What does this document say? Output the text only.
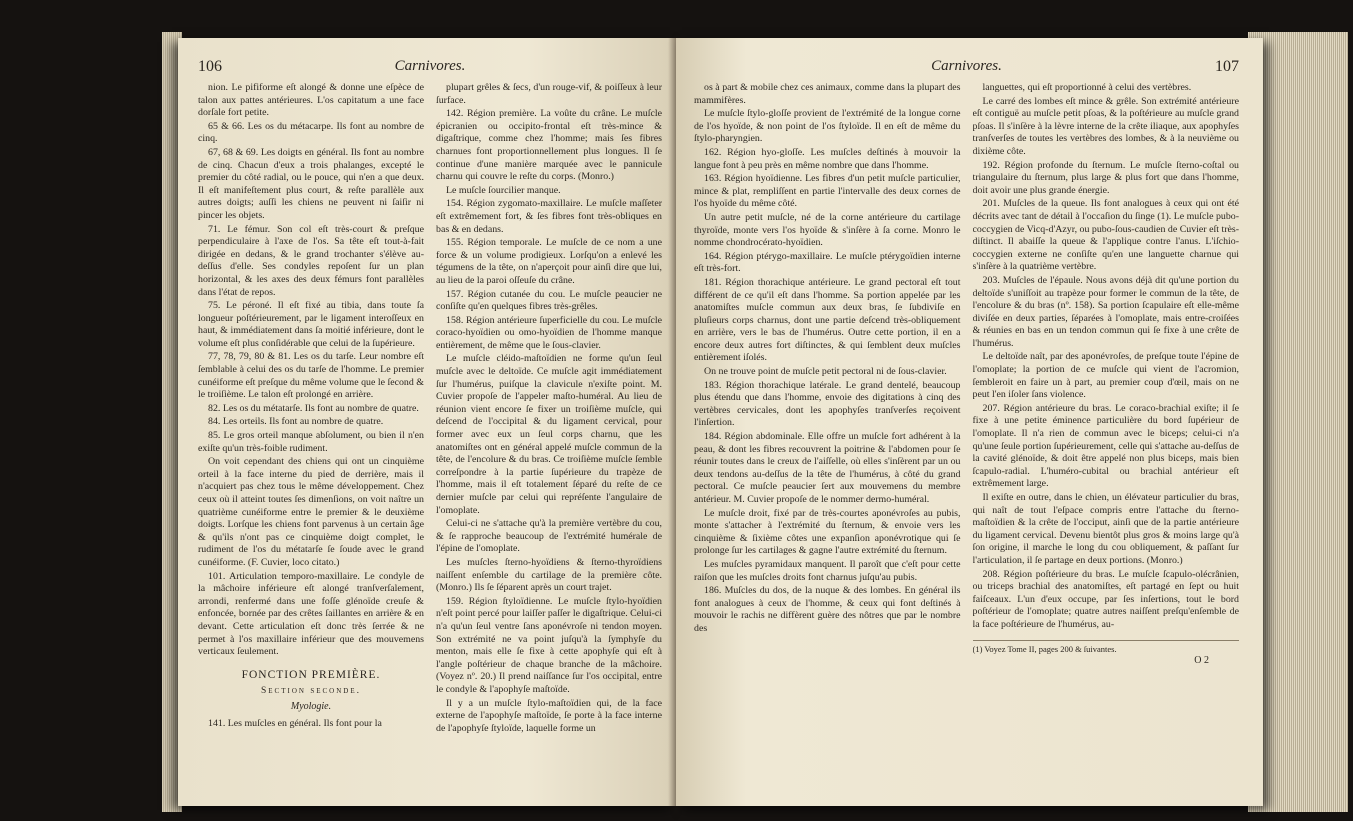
106	Carnivores.

nion. Le pififorme eſt alongé & donne une eſpèce de talon aux pattes antérieures. L'os capitatum a une face dorſale fort petite.

65 & 66. Les os du métacarpe. Ils font au nombre de cinq.

67, 68 & 69. Les doigts en général. Ils font au nombre de cinq. Chacun d'eux a trois phalanges, excepté le premier du côté radial, ou le pouce, qui n'en a que deux. Il eſt manifeſtement plus court, & reſte parallèle aux autres doigts; auſſi les chiens ne peuvent ni ſaiſir ni pincer les objets.

71. Le fémur. Son col eſt très-court & preſque perpendiculaire à l'axe de l'os. Sa tête eſt tout-à-fait dirigée en dedans, & le grand trochanter s'élève au-deſſus d'elle. Ses condyles repoſent ſur un plan horizontal, & les axes des deux fémurs font parallèles dans l'état de repos.

75. Le péroné. Il eſt fixé au tibia, dans toute ſa longueur poſtérieurement, par le ligament interoſſeux en haut, & immédiatement dans ſa moitié inférieure, dont le volume eſt plus conſidérable que celui de la ſupérieure.

77, 78, 79, 80 & 81. Les os du tarſe. Leur nombre eſt ſemblable à celui des os du tarſe de l'homme. Le premier cunéiforme eſt preſque du même volume que le ſecond & le troiſième. Le talon eſt prolongé en arrière.

82. Les os du métatarſe. Ils font au nombre de quatre.

84. Les orteils. Ils font au nombre de quatre.

85. Le gros orteil manque abſolument, ou bien il n'en exiſte qu'un très-foible rudiment.

On voit cependant des chiens qui ont un cinquième orteil à la face interne du pied de derrière, mais il n'acquiert pas chez tous le même développement. Chez ceux où il atteint toutes ſes dimenſions, on voit naître un quatrième cunéiforme entre le premier & le deuxième doigts. Lorſque les chiens font parvenus à un certain âge & qu'ils n'ont pas ce cinquième doigt complet, le rudiment de l'os du métatarſe ſe ſoude avec le grand cunéiforme. (F. Cuvier, loco citato.)

101. Articulation temporo-maxillaire. Le condyle de la mâchoire inférieure eſt alongé tranſverſalement, arrondi, renfermé dans une foſſe glénoïde creuſe & enfoncée, bornée par des crêtes ſaillantes en arrière & en devant. Cette articulation eſt donc très ſerrée & ne permet à l'os maxillaire inférieur que des mouvemens verticaux ſeulement.

FONCTION PREMIÈRE.
Section seconde.
Myologie.

141. Les muſcles en général. Ils font pour la

plupart grêles & ſecs, d'un rouge-vif, & poiſſeux à leur ſurface.

142. Région première. La voûte du crâne. Le muſcle épicranien ou occipito-frontal eſt très-mince & digaſtrique, comme chez l'homme; mais ſes fibres charnues font proportionnellement plus longues. Il ſe continue d'une manière marquée avec le pannicule charnu qui couvre le reſte du corps. (Monro.)

Le muſcle ſourcilier manque.

154. Région zygomato-maxillaire. Le muſcle maſſeter eſt extrêmement fort, & ſes fibres font très-obliques en bas & en dedans.

155. Région temporale. Le muſcle de ce nom a une force & un volume prodigieux. Lorſqu'on a enlevé les tégumens de la tête, on n'aperçoit pour ainſi dire que lui, au lieu de la paroi oſſeuſe du crâne.

157. Région cutanée du cou. Le muſcle peaucier ne conſiſte qu'en quelques fibres très-grêles.

158. Région antérieure ſuperficielle du cou. Le muſcle coraco-hyoïdien ou omo-hyoïdien de l'homme manque entièrement, de même que le ſous-clavier.

Le muſcle cléido-maſtoïdien ne forme qu'un ſeul muſcle avec le deltoïde. Ce muſcle agit immédiatement ſur l'humérus, puiſque la clavicule n'exiſte point. M. Cuvier propoſe de l'appeler maſto-huméral. Au lieu de réunion vient encore ſe fixer un troiſième muſcle, qui deſcend de l'occipital & du ligament cervical, pour former avec eux un ſeul corps charnu, que les anatomiſtes ont en général appelé muſcle commun de la tête, de l'encolure & du bras. Ce troiſième muſcle ſemble correſpondre à la partie ſupérieure du trapèze de l'homme, mais il eſt totalement ſéparé du reſte de ce dernier muſcle par celui qui repréſente l'angulaire de l'omoplate.

Celui-ci ne s'attache qu'à la première vertèbre du cou, & ſe rapproche beaucoup de l'extrémité humérale de l'épine de l'omoplate.

Les muſcles ſterno-hyoïdiens & ſterno-thyroïdiens naiſſent enſemble du cartilage de la première côte. (Monro.) Ils ſe ſéparent après un court trajet.

159. Région ſtyloïdienne. Le muſcle ſtylo-hyoïdien n'eſt point percé pour laiſſer paſſer le digaſtrique. Celui-ci n'a qu'un ſeul ventre ſans aponévroſe ni tendon moyen. Son extrémité ne va point juſqu'à la ſymphyſe du menton, mais elle ſe fixe à cette apophyſe qui eſt à l'angle poſtérieur de chaque branche de la mâchoire. (Voyez nº. 20.) Il prend naiſſance ſur l'os occipital, entre le condyle & l'apophyſe maſtoïde.

Il y a un muſcle ſtylo-maſtoïdien qui, de la face externe de l'apophyſe maſtoïde, ſe porte à la face interne de l'apophyſe ſtyloïde, laquelle forme un

Carnivores.	107

os à part & mobile chez ces animaux, comme dans la plupart des mammifères.

Le muſcle ſtylo-gloſſe provient de l'extrémité de la longue corne de l'os hyoïde, & non point de l'os ſtyloïde. Il en eſt de même du ſtylo-pharyngien.

162. Région hyo-gloſſe. Les muſcles deſtinés à mouvoir la langue font à peu près en même nombre que dans l'homme.

163. Région hyoïdienne. Les fibres d'un petit muſcle particulier, mince & plat, rempliſſent en partie l'intervalle des deux cornes de l'os hyoïde du même côté.

Un autre petit muſcle, né de la corne antérieure du cartilage thyroïde, monte vers l'os hyoïde & s'inſère à ſa corne. Monro le nomme chondrocérato-hyoïdien.

164. Région ptérygo-maxillaire. Le muſcle ptérygoïdien interne eſt très-fort.

181. Région thorachique antérieure. Le grand pectoral eſt tout différent de ce qu'il eſt dans l'homme. Sa portion appelée par les anatomiſtes muſcle commun aux deux bras, ſe ſubdiviſe en pluſieurs corps charnus, dont une partie deſcend très-obliquement en arrière, vers le bas de l'humérus. Outre cette portion, il en a encore deux autres fort diſtinctes, & qui ſemblent deux muſcles entièrement iſolés.

On ne trouve point de muſcle petit pectoral ni de ſous-clavier.

183. Région thorachique latérale. Le grand dentelé, beaucoup plus étendu que dans l'homme, envoie des digitations à cinq des vertèbres cervicales, dont les apophyſes tranſverſes reçoivent l'inſertion.

184. Région abdominale. Elle offre un muſcle fort adhérent à la peau, & dont les fibres recouvrent la poitrine & l'abdomen pour ſe réunir toutes dans le creux de l'aiſſelle, où elles s'inſèrent par un ou deux tendons au-deſſus de la tête de l'humérus, à côté du grand pectoral. Ce muſcle peaucier ſert aux mouvemens du membre antérieur. M. Cuvier propoſe de le nommer dermo-huméral.

Le muſcle droit, fixé par de très-courtes aponévroſes au pubis, monte s'attacher à l'extrémité du ſternum, & envoie vers les cinquième & ſixième côtes une expanſion aponévrotique qui ſe prolonge ſur les cartilages & gagne l'autre extrémité du ſternum.

Les muſcles pyramidaux manquent. Il paroît que c'eſt pour cette raiſon que les muſcles droits font charnus juſqu'au pubis.

186. Muſcles du dos, de la nuque & des lombes. En général ils font analogues à ceux de l'homme, & ceux qui font deſtinés à mouvoir le rachis ne diffèrent guère des nôtres que par le nombre des

languettes, qui eſt proportionné à celui des vertèbres.

Le carré des lombes eſt mince & grêle. Son extrémité antérieure eſt contiguë au muſcle petit pſoas, & la poſtérieure au muſcle grand pſoas. Il s'inſère à la lèvre interne de la crête iliaque, aux apophyſes tranſverſes de toutes les vertèbres des lombes, & à la neuvième ou dixième côte.

192. Région profonde du ſternum. Le muſcle ſterno-coſtal ou triangulaire du ſternum, plus large & plus fort que dans l'homme, doit avoir une plus grande énergie.

201. Muſcles de la queue. Ils font analogues à ceux qui ont été décrits avec tant de détail à l'occaſion du ſinge (1). Le muſcle pubo-coccygien de Vicq-d'Azyr, ou pubo-ſous-caudien de Cuvier eſt très-diſtinct. Il abaiſſe la queue & l'applique contre l'anus. L'iſchio-coccygien externe ne conſiſte qu'en une languette charnue qui s'inſère à la quatrième vertèbre.

203. Muſcles de l'épaule. Nous avons déjà dit qu'une portion du deltoïde s'uniſſoit au trapèze pour former le commun de la tête, de l'encolure & du bras (nº. 158). Sa portion ſcapulaire eſt elle-même diviſée en deux parties, ſéparées à l'omoplate, mais entre-croiſées & réunies en bas en un tendon commun qui ſe fixe à une crête de l'humérus.

Le deltoïde naît, par des aponévroſes, de preſque toute l'épine de l'omoplate; la portion de ce muſcle qui vient de l'acromion, ſembleroit en faire un à part, au premier coup d'œil, mais on ne peut l'en iſoler ſans violence.

207. Région antérieure du bras. Le coraco-brachial exiſte; il ſe fixe à une petite éminence particulière du bord ſupérieur de l'omoplate. Il n'a rien de commun avec le biceps; celui-ci n'a qu'une ſeule portion ſupérieurement, celle qui s'attache au-deſſus de la cavité glénoïde, & doit être appelé non plus biceps, mais bien ſcapulo-radial. L'huméro-cubital ou brachial antérieur eſt extrêmement large.

Il exiſte en outre, dans le chien, un élévateur particulier du bras, qui naît de tout l'eſpace compris entre l'attache du ſterno-maſtoïdien & la crête de l'occiput, ainſi que de la partie antérieure du ligament cervical. Devenu bientôt plus gros & moins large qu'à ſon origine, il marche le long du cou obliquement, & paſſant ſur l'articulation, il ſe partage en deux portions. (Monro.)

208. Région poſtérieure du bras. Le muſcle ſcapulo-olécrânien, ou triceps brachial des anatomiſtes, eſt partagé en ſept ou huit faiſceaux. L'un d'eux occupe, par ſes inſertions, tout le bord poſtérieur de l'omoplate; quatre autres naiſſent preſqu'enſemble de la face poſtérieure de l'humérus, au-

(1) Voyez Tome II, pages 200 & ſuivantes.
O 2
